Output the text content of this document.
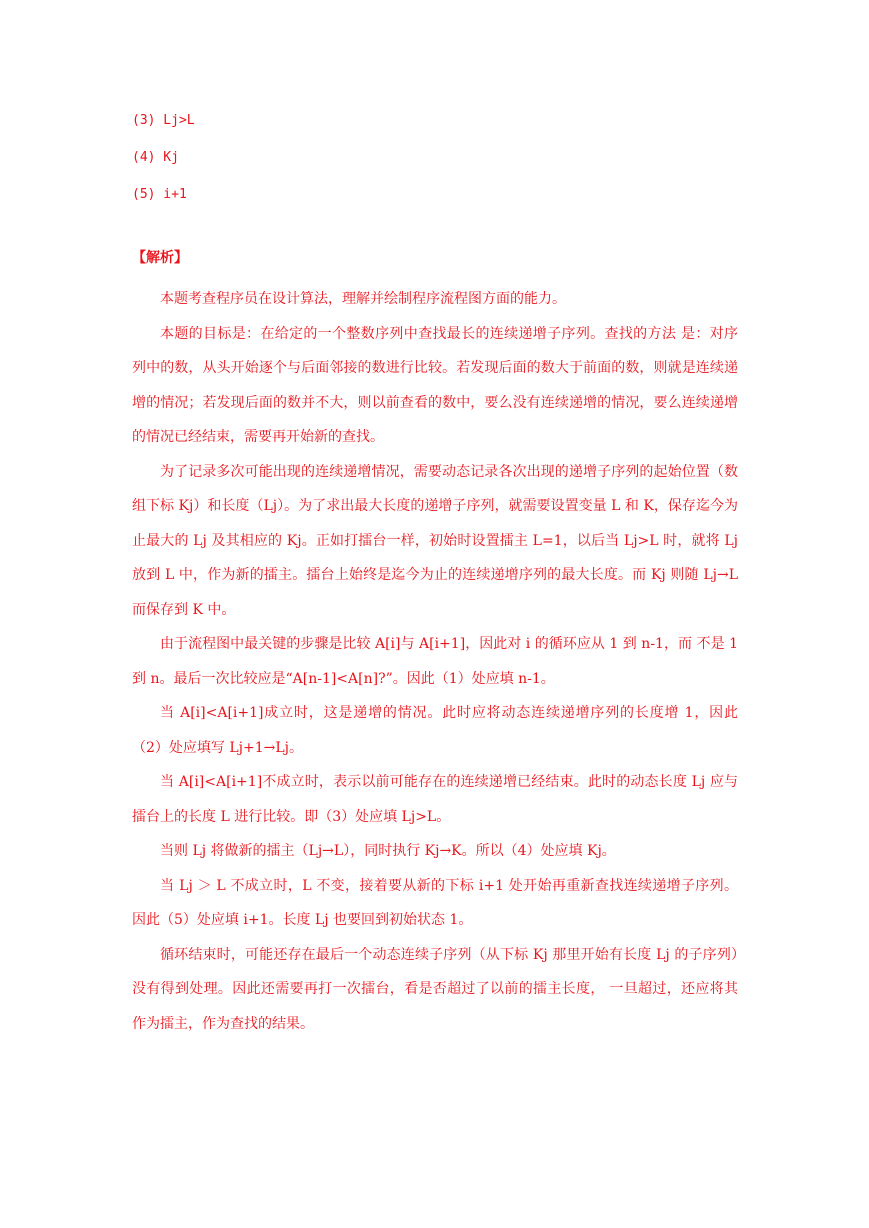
(3) Lj>L
(4) Kj
(5) i+1
【解析】

本题考查程序员在设计算法，理解并绘制程序流程图方面的能力。

本题的目标是：在给定的一个整数序列中查找最长的连续递增子序列。查找的方法 是：对序列中的数，从头开始逐个与后面邻接的数进行比较。若发现后面的数大于前面的数，则就是连续递增的情况；若发现后面的数并不大，则以前查看的数中，要么没有连续递增的情况，要么连续递增的情况已经结束，需要再开始新的查找。

为了记录多次可能出现的连续递增情况，需要动态记录各次出现的递增子序列的起始位置（数组下标 Kj）和长度（Lj）。为了求出最大长度的递增子序列，就需要设置变量 L 和 K，保存迄今为止最大的 Lj 及其相应的 Kj。正如打擂台一样，初始时设置擂主 L=1，以后当 Lj>L 时，就将 Lj 放到 L 中，作为新的擂主。擂台上始终是迄今为止的连续递增序列的最大长度。而 Kj 则随 Lj→L 而保存到 K 中。

由于流程图中最关键的步骤是比较 A[i]与 A[i+1]，因此对 i 的循环应从 1 到 n-1，而 不是 1 到 n。最后一次比较应是“A[n-1]<A[n]?”。因此（1）处应填 n-1。

当 A[i]<A[i+1]成立时，这是递增的情况。此时应将动态连续递增序列的长度增 1，因此（2）处应填写 Lj+1→Lj。

当 A[i]<A[i+1]不成立时，表示以前可能存在的连续递增已经结束。此时的动态长度 Lj 应与擂台上的长度 L 进行比较。即（3）处应填 Lj>L。

当则 Lj 将做新的擂主（Lj→L），同时执行 Kj→K。所以（4）处应填 Kj。

当 Lj ＞ L 不成立时，L 不变，接着要从新的下标 i+1 处开始再重新查找连续递增子序列。因此（5）处应填 i+1。长度 Lj 也要回到初始状态 1。

循环结束时，可能还存在最后一个动态连续子序列（从下标 Kj 那里开始有长度 Lj 的子序列）没有得到处理。因此还需要再打一次擂台，看是否超过了以前的擂主长度， 一旦超过，还应将其作为擂主，作为查找的结果。
